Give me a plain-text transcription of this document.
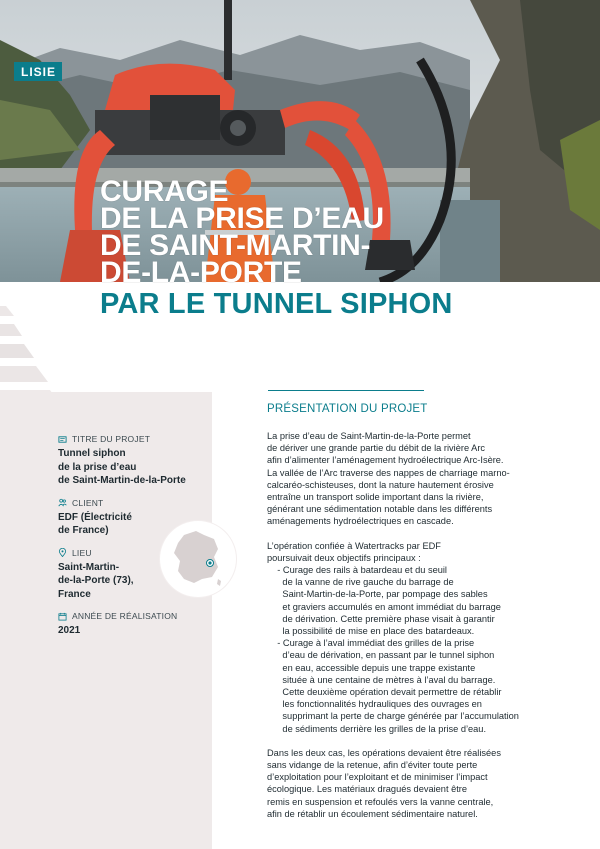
LISIE
CURAGE
DE LA PRISE D’EAU
DE SAINT-MARTIN-
DE-LA-PORTE
PAR LE TUNNEL SIPHON
TITRE DU PROJET
Tunnel siphon
de la prise d’eau
de Saint-Martin-de-la-Porte
CLIENT
EDF (Électricité
de France)
LIEU
Saint-Martin-
de-la-Porte (73),
France
ANNÉE DE RÉALISATION
2021
PRÉSENTATION DU PROJET

La prise d’eau de Saint-Martin-de-la-Porte permet
de dériver une grande partie du débit de la rivière Arc
afin d’alimenter l’aménagement hydroélectrique Arc-Isère.
La vallée de l’Arc traverse des nappes de charriage marno-
calcaréo-schisteuses, dont la nature hautement érosive
entraîne un transport solide important dans la rivière,
générant une sédimentation notable dans les différents
aménagements hydroélectriques en cascade.

L’opération confiée à Watertracks par EDF
poursuivait deux objectifs principaux :
- Curage des rails à batardeau et du seuil
de la vanne de rive gauche du barrage de
Saint-Martin-de-la-Porte, par pompage des sables
et graviers accumulés en amont immédiat du barrage
de dérivation. Cette première phase visait à garantir
la possibilité de mise en place des batardeaux.
- Curage à l’aval immédiat des grilles de la prise
d’eau de dérivation, en passant par le tunnel siphon
en eau, accessible depuis une trappe existante
située à une centaine de mètres à l’aval du barrage.
Cette deuxième opération devait permettre de rétablir
les fonctionnalités hydrauliques des ouvrages en
supprimant la perte de charge générée par l’accumulation
de sédiments derrière les grilles de la prise d’eau.

Dans les deux cas, les opérations devaient être réalisées
sans vidange de la retenue, afin d’éviter toute perte
d’exploitation pour l’exploitant et de minimiser l’impact
écologique. Les matériaux dragués devaient être
remis en suspension et refoulés vers la vanne centrale,
afin de rétablir un écoulement sédimentaire naturel.
